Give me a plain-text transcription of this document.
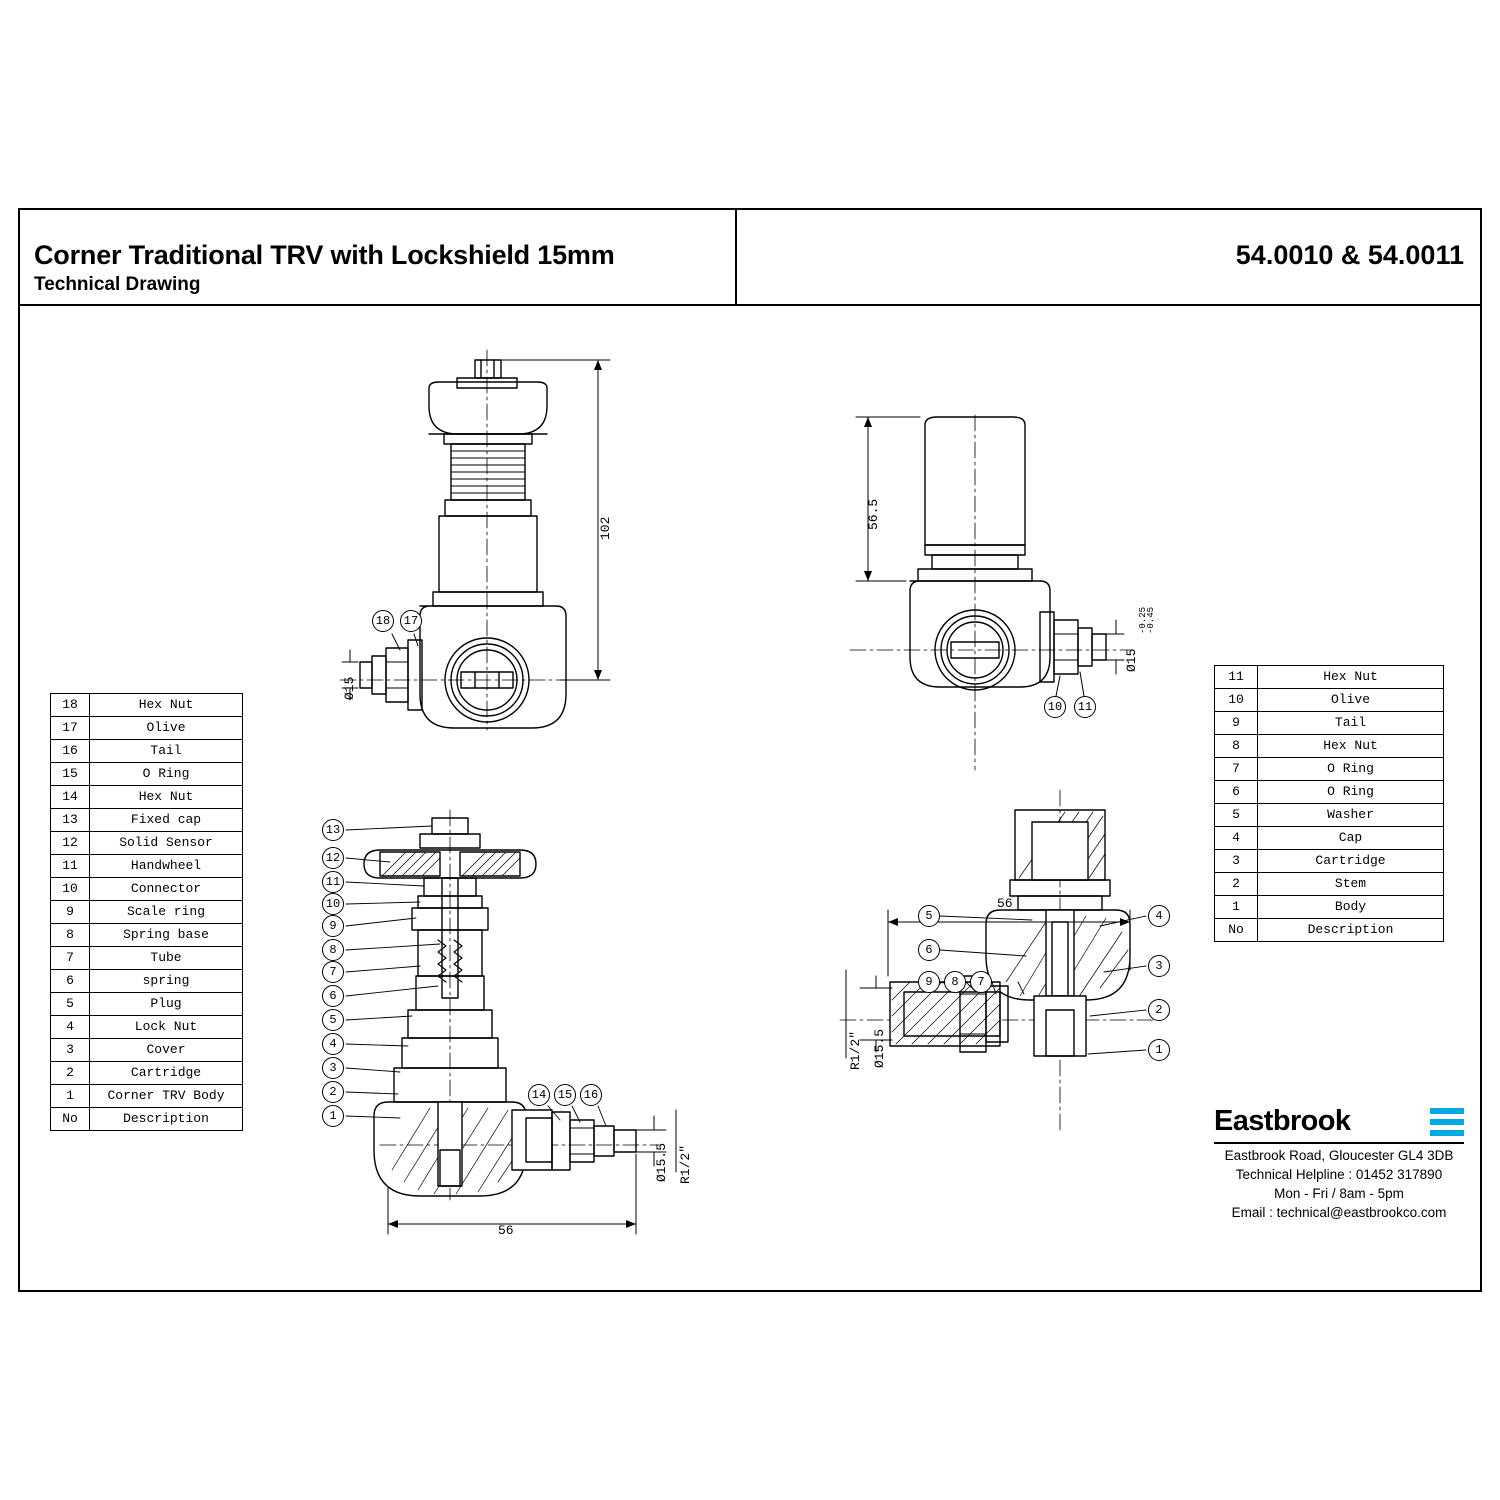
Corner Traditional TRV with Lockshield 15mm
Technical Drawing
54.0010 & 54.0011
102
Ø15
56.5
Ø15
-0.25
-0.45
56
Ø15.5 R1/2"
56
Ø15.5
R1/2"
18	17
10	11
13
12
11
10
9
8
7
6
5
4
3
2
1
14 15 16
5
6
9	8	7
4
3
2
1
18	Hex Nut
17	Olive
16	Tail
15	O Ring
14	Hex Nut
13	Fixed cap
12	Solid Sensor
11	Handwheel
10	Connector
9	Scale ring
8	Spring base
7	Tube
6	spring
5	Plug
4	Lock Nut
3	Cover
2	Cartridge
1	Corner TRV Body
No	Description
11	Hex Nut
10	Olive
9	Tail
8	Hex Nut
7	O Ring
6	O Ring
5	Washer
4	Cap
3	Cartridge
2	Stem
1	Body
No	Description
Eastbrook
Eastbrook Road, Gloucester GL4 3DB
Technical Helpline : 01452 317890
Mon - Fri / 8am - 5pm
Email : technical@eastbrookco.com
